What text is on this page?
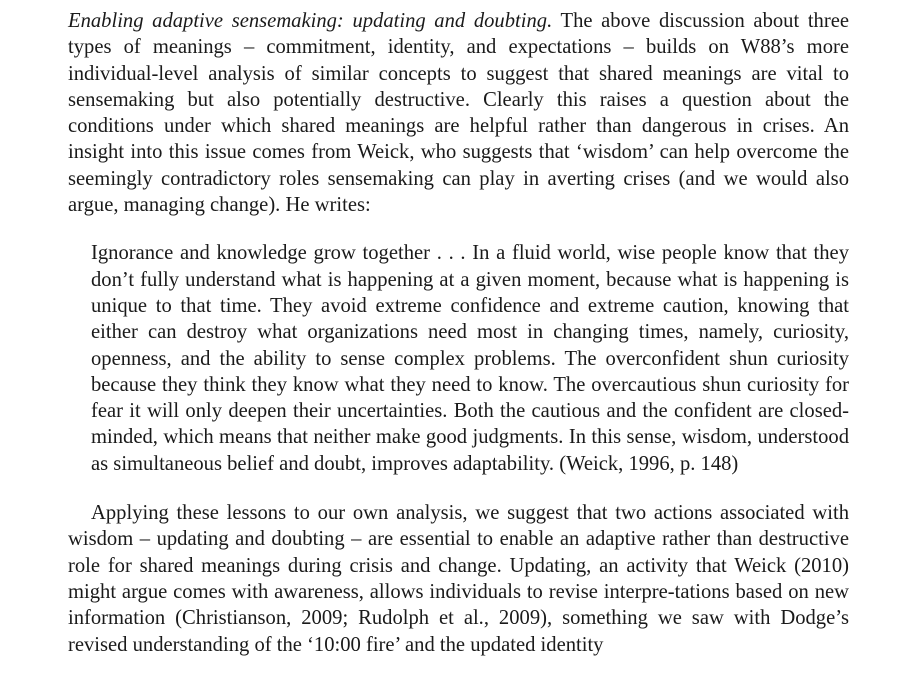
Enabling adaptive sensemaking: updating and doubting. The above discussion about three types of meanings – commitment, identity, and expectations – builds on W88’s more individual-level analysis of similar concepts to suggest that shared meanings are vital to sensemaking but also potentially destructive. Clearly this raises a question about the conditions under which shared meanings are helpful rather than dangerous in crises. An insight into this issue comes from Weick, who suggests that ‘wisdom’ can help overcome the seemingly contradictory roles sensemaking can play in averting crises (and we would also argue, managing change). He writes:

Ignorance and knowledge grow together . . . In a fluid world, wise people know that they don’t fully understand what is happening at a given moment, because what is happening is unique to that time. They avoid extreme confidence and extreme caution, knowing that either can destroy what organizations need most in changing times, namely, curiosity, openness, and the ability to sense complex problems. The overconfident shun curiosity because they think they know what they need to know. The overcautious shun curiosity for fear it will only deepen their uncertainties. Both the cautious and the confident are closed-minded, which means that neither make good judgments. In this sense, wisdom, understood as simultaneous belief and doubt, improves adaptability. (Weick, 1996, p. 148)

Applying these lessons to our own analysis, we suggest that two actions associated with wisdom – updating and doubting – are essential to enable an adaptive rather than destructive role for shared meanings during crisis and change. Updating, an activity that Weick (2010) might argue comes with awareness, allows individuals to revise interpre-tations based on new information (Christianson, 2009; Rudolph et al., 2009), something we saw with Dodge’s revised understanding of the ‘10:00 fire’ and the updated identity
